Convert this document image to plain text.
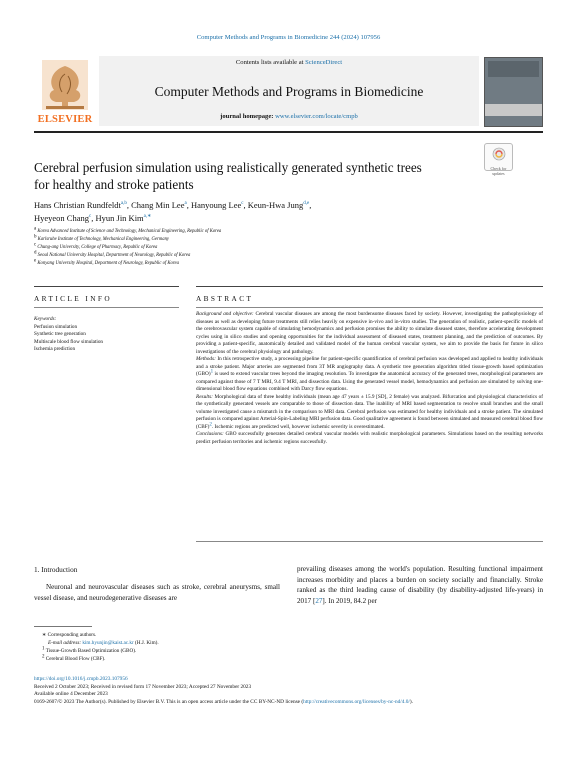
Computer Methods and Programs in Biomedicine 244 (2024) 107956
ELSEVIER
Contents lists available at ScienceDirect
Computer Methods and Programs in Biomedicine
journal homepage: www.elsevier.com/locate/cmpb
Cerebral perfusion simulation using realistically generated synthetic trees
for healthy and stroke patients
Check for updates
Hans Christian Rundfeldt$^{a,b}$, Chang Min Lee$^a$, Hanyoung Lee$^c$, Keun-Hwa Jung$^{d,e}$,
Hyeyeon Chang$^c$, Hyun Jin Kim$^{a,∗}$
$^a$ Korea Advanced Institute of Science and Technology, Mechanical Engineering, Republic of Korea
$^b$ Karlsruhe Institute of Technology, Mechanical Engineering, Germany
$^c$ Chung-ang University, College of Pharmacy, Republic of Korea
$^d$ Seoul National University Hospital, Department of Neurology, Republic of Korea
$^e$ Konyang University Hospital, Department of Neurology, Republic of Korea
ARTICLE INFO	ABSTRACT
Keywords:
Perfusion simulation
Synthetic tree generation
Multiscale blood flow simulation
Ischemia prediction

Background and objective: Cerebral vascular diseases are among the most burdensome diseases faced by society. However, investigating the pathophysiology of diseases as well as developing future treatments still relies heavily on expensive in-vivo and in-vitro studies. The generation of realistic, patient-specific models of the cerebrovascular system capable of simulating hemodynamics and perfusion promises the ability to simulate diseased states, therefore accelerating development cycles using in silico studies and opening opportunities for the individual assessment of diseased states, treatment planning, and the prediction of outcomes. By providing a patient-specific, anatomically detailed and validated model of the human cerebral vascular system, we aim to provide the basis for future in silico investigations of the cerebral physiology and pathology.

Methods: In this retrospective study, a processing pipeline for patient-specific quantification of cerebral perfusion was developed and applied to healthy individuals and a stroke patient. Major arteries are segmented from 3T MR angiography data. A synthetic tree generation algorithm titled tissue-growth based optimization (GBO)$^1$ is used to extend vascular trees beyond the imaging resolution. To investigate the anatomical accuracy of the generated trees, morphological parameters are compared against those of 7 T MRI, 9.4 T MRI, and dissection data. Using the generated vessel model, hemodynamics and perfusion are simulated by solving one-dimensional blood flow equations combined with Darcy flow equations.

Results: Morphological data of three healthy individuals (mean age 47 years ± 15.9 [SD], 2 female) was analyzed. Bifurcation and physiological characteristics of the synthetically generated vessels are comparable to those of dissection data. The inability of MRI based segmentation to resolve small branches and the small volume investigated cause a mismatch in the comparison to MRI data. Cerebral perfusion was estimated for healthy individuals and a stroke patient. The simulated perfusion is compared against Arterial-Spin-Labeling MRI perfusion data. Good qualitative agreement is found between simulated and measured cerebral blood flow (CBF)$^2$. Ischemic regions are predicted well, however ischemic severity is overestimated.

Conclusions: GBO successfully generates detailed cerebral vascular models with realistic morphological parameters. Simulations based on the resulting networks predict perfusion territories and ischemic regions successfully.

1. Introduction
Neuronal and neurovascular diseases such as stroke, cerebral aneurysms, small vessel disease, and neurodegenerative diseases are
prevailing diseases among the world's population. Resulting functional impairment increases morbidity and places a burden on society socially and financially. Stroke ranked as the third leading cause of disability (by disability-adjusted life-years) in 2017 [27]. In 2019, 84.2 per
∗ Corresponding authors.
E-mail address: kim.hyunjin@kaist.ac.kr (H.J. Kim).
$^1$ Tissue-Growth Based Optimization (GBO).
$^2$ Cerebral Blood Flow (CBF).
https://doi.org/10.1016/j.cmpb.2023.107956
Received 2 October 2023; Received in revised form 17 November 2023; Accepted 27 November 2023
Available online 4 December 2023
0169-2607/© 2023 The Author(s). Published by Elsevier B.V. This is an open access article under the CC BY-NC-ND license (http://creativecommons.org/licenses/by-nc-nd/4.0/).
